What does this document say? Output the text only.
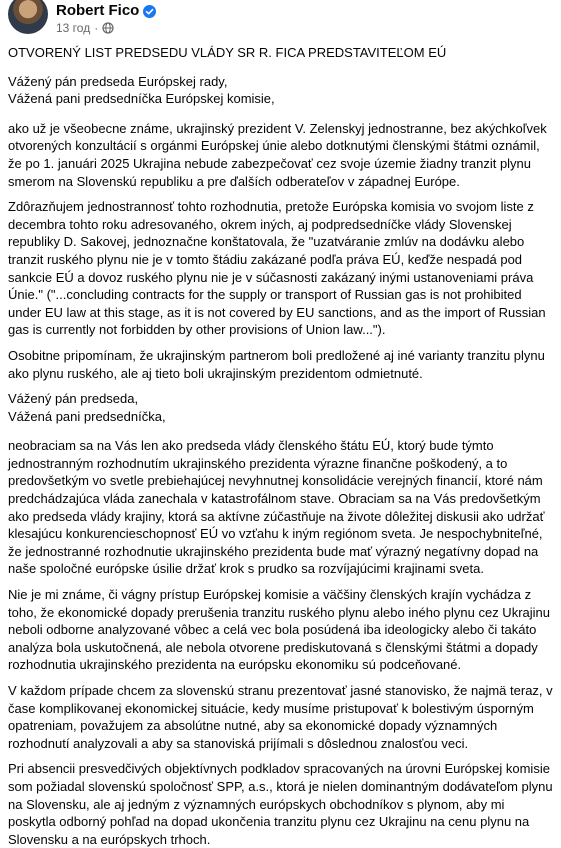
Robert Fico
13 год ·

OTVORENÝ LIST PREDSEDU VLÁDY SR R. FICA PREDSTAVITEĽOM EÚ

Vážený pán predseda Európskej rady,
Vážená pani predsedníčka Európskej komisie,

ako už je všeobecne známe, ukrajinský prezident V. Zelenskyj jednostranne, bez akýchkoľvek otvorených konzultácií s orgánmi Európskej únie alebo dotknutými členskými štátmi oznámil, že po 1. januári 2025 Ukrajina nebude zabezpečovať cez svoje územie žiadny tranzit plynu smerom na Slovenskú republiku a pre ďalších odberateľov v západnej Európe.

Zdôrazňujem jednostrannosť tohto rozhodnutia, pretože Európska komisia vo svojom liste z decembra tohto roku adresovaného, okrem iných, aj podpredsedníčke vlády Slovenskej republiky D. Sakovej, jednoznačne konštatovala, že "uzatváranie zmlúv na dodávku alebo tranzit ruského plynu nie je v tomto štádiu zakázané podľa práva EÚ, keďže nespadá pod sankcie EÚ a dovoz ruského plynu nie je v súčasnosti zakázaný inými ustanoveniami práva Únie." ("...concluding contracts for the supply or transport of Russian gas is not prohibited under EU law at this stage, as it is not covered by EU sanctions, and as the import of Russian gas is currently not forbidden by other provisions of Union law...").

Osobitne pripomínam, že ukrajinským partnerom boli predložené aj iné varianty tranzitu plynu ako plynu ruského, ale aj tieto boli ukrajinským prezidentom odmietnuté.

Vážený pán predseda,
Vážená pani predsedníčka,

neobraciam sa na Vás len ako predseda vlády členského štátu EÚ, ktorý bude týmto jednostranným rozhodnutím ukrajinského prezidenta výrazne finančne poškodený, a to predovšetkým vo svetle prebiehajúcej nevyhnutnej konsolidácie verejných financií, ktoré nám predchádzajúca vláda zanechala v katastrofálnom stave. Obraciam sa na Vás predovšetkým ako predseda vlády krajiny, ktorá sa aktívne zúčastňuje na živote dôležitej diskusii ako udržať klesajúcu konkurencieschopnosť EÚ vo vzťahu k iným regiónom sveta. Je nespochybniteľné, že jednostranné rozhodnutie ukrajinského prezidenta bude mať výrazný negatívny dopad na naše spoločné európske úsilie držať krok s prudko sa rozvíjajúcimi krajinami sveta.

Nie je mi známe, či vágny prístup Európskej komisie a väčšiny členských krajín vychádza z toho, že ekonomické dopady prerušenia tranzitu ruského plynu alebo iného plynu cez Ukrajinu neboli odborne analyzované vôbec a celá vec bola posúdená iba ideologicky alebo či takáto analýza bola uskutočnená, ale nebola otvorene prediskutovaná s členskými štátmi a dopady rozhodnutia ukrajinského prezidenta na európsku ekonomiku sú podceňované.

V každom prípade chcem za slovenskú stranu prezentovať jasné stanovisko, že najmä teraz, v čase komplikovanej ekonomickej situácie, kedy musíme pristupovať k bolestivým úsporným opatreniam, považujem za absolútne nutné, aby sa ekonomické dopady významných rozhodnutí analyzovali a aby sa stanoviská prijímali s dôslednou znalosťou veci.

Pri absencii presvedčivých objektívnych podkladov spracovaných na úrovni Európskej komisie som požiadal slovenskú spoločnosť SPP, a.s., ktorá je nielen dominantným dodávateľom plynu na Slovensku, ale aj jedným z významných európskych obchodníkov s plynom, aby mi poskytla odborný pohľad na dopad ukončenia tranzitu plynu cez Ukrajinu na cenu plynu na Slovensku a na európskych trhoch.
